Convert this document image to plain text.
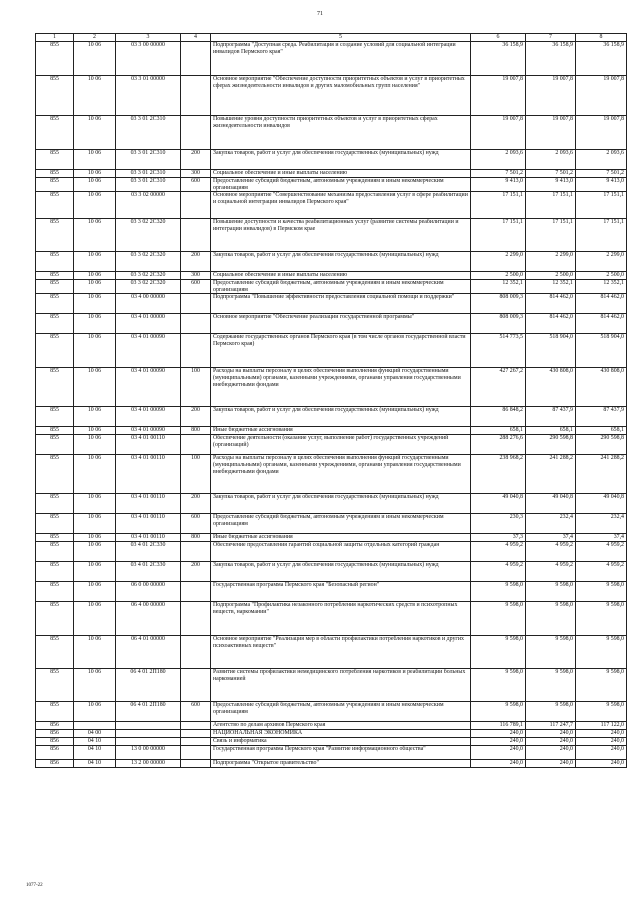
71
1	2	3	4	5	6	7	8
855	10 06	03 3 00 00000		Подпрограмма "Доступная среда. Реабилитация и создание условий для социальной интеграции инвалидов Пермского края"	36 158,9	36 158,9	36 158,9
855	10 06	03 3 01 00000		Основное мероприятие "Обеспечение доступности приоритетных объектов и услуг в приоритетных сферах жизнедеятельности инвалидов и других маломобильных групп населения"	19 007,8	19 007,8	19 007,8
855	10 06	03 3 01 2С310		Повышение уровня доступности приоритетных объектов и услуг в приоритетных сферах жизнедеятельности инвалидов	19 007,8	19 007,8	19 007,8
855	10 06	03 3 01 2С310	200	Закупка товаров, работ и услуг для обеспечения государственных (муниципальных) нужд	2 093,6	2 093,6	2 093,6
855	10 06	03 3 01 2С310	300	Социальное обеспечение и иные выплаты населению	7 501,2	7 501,2	7 501,2
855	10 06	03 3 01 2С310	600	Предоставление субсидий бюджетным, автономным учреждениям и иным некоммерческим организациям	9 413,0	9 413,0	9 413,0
855	10 06	03 3 02 00000		Основное мероприятие "Совершенствование механизма предоставления услуг в сфере реабилитации и социальной интеграции инвалидов Пермского края"	17 151,1	17 151,1	17 151,1
855	10 06	03 3 02 2С320		Повышение доступности и качества реабилитационных услуг (развитие системы реабилитации и интеграции инвалидов) в Пермском крае	17 151,1	17 151,1	17 151,1
855	10 06	03 3 02 2С320	200	Закупка товаров, работ и услуг для обеспечения государственных (муниципальных) нужд	2 299,0	2 299,0	2 299,0
855	10 06	03 3 02 2С320	300	Социальное обеспечение и иные выплаты населению	2 500,0	2 500,0	2 500,0
855	10 06	03 3 02 2С320	600	Предоставление субсидий бюджетным, автономным учреждениям и иным некоммерческим организациям	12 352,1	12 352,1	12 352,1
855	10 06	03 4 00 00000		Подпрограмма "Повышение эффективности предоставления социальной помощи и поддержки"	808 009,3	814 462,0	814 462,0
855	10 06	03 4 01 00000		Основное мероприятие "Обеспечение реализации государственной программы"	808 009,3	814 462,0	814 462,0
855	10 06	03 4 01 00090		Содержание государственных органов Пермского края (в том числе органов государственной власти Пермского края)	514 773,5	518 904,0	518 904,0
855	10 06	03 4 01 00090	100	Расходы на выплаты персоналу в целях обеспечения выполнения функций государственными (муниципальными) органами, казенными учреждениями, органами управления государственными внебюджетными фондами	427 267,2	430 808,0	430 808,0
855	10 06	03 4 01 00090	200	Закупка товаров, работ и услуг для обеспечения государственных (муниципальных) нужд	86 848,2	87 437,9	87 437,9
855	10 06	03 4 01 00090	800	Иные бюджетные ассигнования	658,1	658,1	658,1
855	10 06	03 4 01 00110		Обеспечение деятельности (оказание услуг, выполнение работ) государственных учреждений (организаций)	288 276,6	290 598,8	290 598,8
855	10 06	03 4 01 00110	100	Расходы на выплаты персоналу в целях обеспечения выполнения функций государственными (муниципальными) органами, казенными учреждениями, органами управления государственными внебюджетными фондами	238 968,2	241 288,2	241 288,2
855	10 06	03 4 01 00110	200	Закупка товаров, работ и услуг для обеспечения государственных (муниципальных) нужд	49 040,8	49 040,8	49 040,8
855	10 06	03 4 01 00110	600	Предоставление субсидий бюджетным, автономным учреждениям и иным некоммерческим организациям	230,3	232,4	232,4
855	10 06	03 4 01 00110	800	Иные бюджетные ассигнования	37,3	37,4	37,4
855	10 06	03 4 01 2С330		Обеспечение предоставления гарантий социальной защиты отдельных категорий граждан	4 959,2	4 959,2	4 959,2
855	10 06	03 4 01 2С330	200	Закупка товаров, работ и услуг для обеспечения государственных (муниципальных) нужд	4 959,2	4 959,2	4 959,2
855	10 06	06 0 00 00000		Государственная программа Пермского края "Безопасный регион"	9 598,0	9 598,0	9 598,0
855	10 06	06 4 00 00000		Подпрограмма "Профилактика незаконного потребления наркотических средств и психотропных веществ, наркомании"	9 598,0	9 598,0	9 598,0
855	10 06	06 4 01 00000		Основное мероприятие "Реализация мер в области профилактики потребления наркотиков и других психоактивных веществ"	9 598,0	9 598,0	9 598,0
855	10 06	06 4 01 2П180		Развитие системы профилактики немедицинского потребления наркотиков и реабилитации больных наркоманией	9 598,0	9 598,0	9 598,0
855	10 06	06 4 01 2П180	600	Предоставление субсидий бюджетным, автономным учреждениям и иным некоммерческим организациям	9 598,0	9 598,0	9 598,0
856				Агентство по делам архивов Пермского края	116 789,1	117 247,7	117 122,0
856	04 00			НАЦИОНАЛЬНАЯ ЭКОНОМИКА	240,0	240,0	240,0
856	04 10			Связь и информатика	240,0	240,0	240,0
856	04 10	13 0 00 00000		Государственная программа Пермского края "Развитие информационного общества"	240,0	240,0	240,0
856	04 10	13 2 00 00000		Подпрограмма "Открытое правительство"	240,0	240,0	240,0
1077-22
